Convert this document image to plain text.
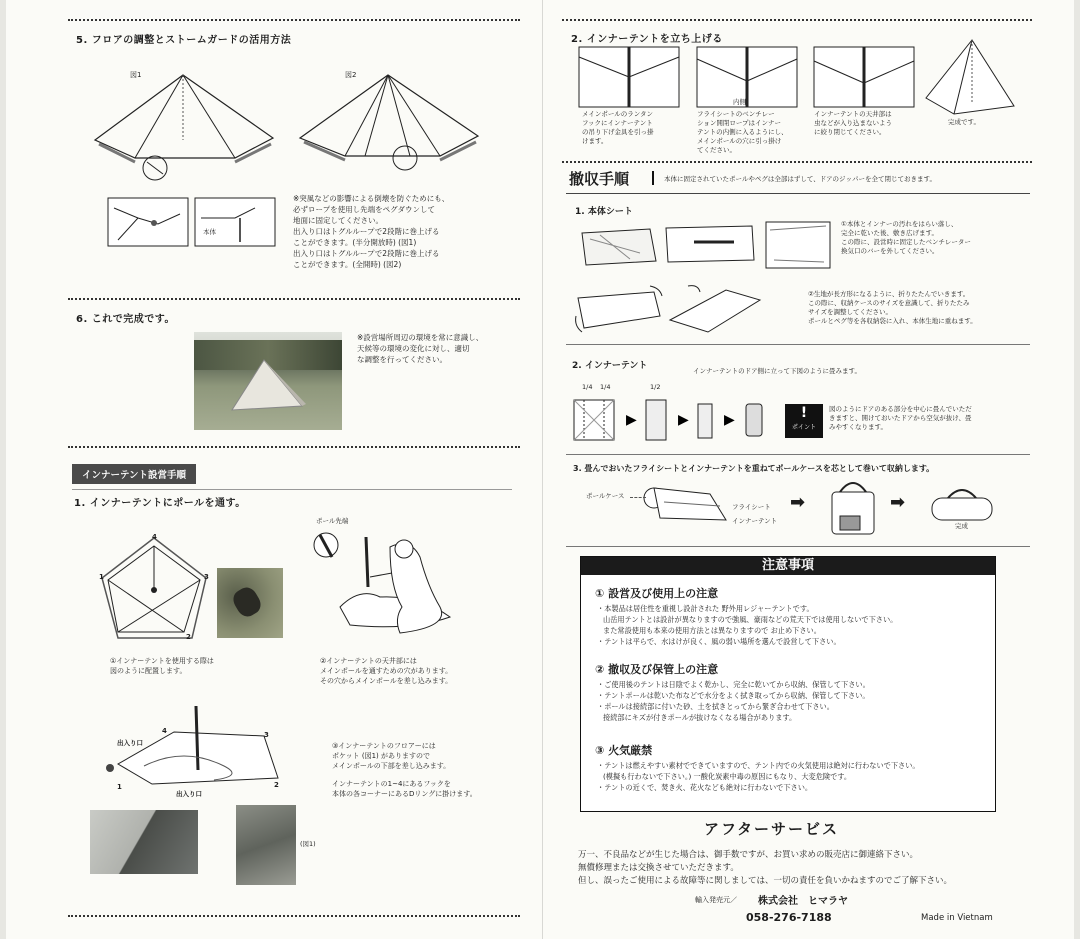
5. フロアの調整とストームガードの活用方法
図1	図2
本体
※突風などの影響による倒壊を防ぐためにも、
必ずロープを使用し先端をペグダウンして
地面に固定してください。
出入り口はトグルループで2段階に巻上げる
ことができます。(半分開放時) (図1)
出入り口はトグルループで2段階に巻上げる
ことができます。(全開時) (図2)
6. これで完成です。
※設営場所周辺の環境を常に意識し、
天候等の環境の変化に対し、適切
な調整を行ってください。
インナーテント設営手順
1. インナーテントにポールを通す。
4
1	3
2
①インナーテントを使用する際は
図のように配置します。
ポール先端
②インナーテントの天井部には
メインポールを通すための穴があります。
その穴からメインポールを差し込みます。
出入り口
出入り口
4	3
2
1
(図1)
③インナーテントのフロアーには
ポケット (図1) がありますので
メインポールの下部を差し込みます。
インナーテントの1~4にあるフックを
本体の各コーナーにあるDリングに掛けます。
2. インナーテントを立ち上げる
内側
メインポールのランタン
フックにインナーテント
の吊り下げ金具を引っ掛
けます。
フライシートのベンチレー
ション開閉ロープはインナー
テントの内側に入るようにし、
メインポールの穴に引っ掛け
てください。
インナーテントの天井部は
虫などが入り込まないよう
に絞り閉じてください。
完成です。
撤収手順	本体に固定されていたポールやペグは全部はずして、ドアのジッパーを全て閉じておきます。
1. 本体シート
①本体とインナーの汚れをはらい落し、
完全に乾いた後、敷き広げます。
この際に、設営時に固定したベンチレーター
換気口のバーを外してください。
②生地が長方形になるように、折りたたんでいきます。
この際に、収納ケースのサイズを意識して、折りたたみ
サイズを調整してください。
ポールとペグ等を各収納袋に入れ、本体生地に重ねます。
2. インナーテント	インナーテントのドア側に立って下図のように畳みます。
1/4 1/4	1/2
▶	▶	▶	!
ポイント
図のようにドアのある部分を中心に畳んでいただ
きますと、開けておいたドアから空気が抜け、畳
みやすくなります。
3. 畳んでおいたフライシートとインナーテントを重ねてポールケースを芯として巻いて収納します。
ポールケース
フライシート
インナーテント
➡	➡
完成
注意事項
① 設営及び使用上の注意
・本製品は居住性を重視し設計された 野外用レジャーテントです。
山岳用テントとは設計が異なりますので強風、豪雨などの荒天下では使用しないで下さい。
また常設使用も本来の使用方法とは異なりますので お止め下さい。
・テントは平らで、水はけが良く、風の弱い場所を選んで設営して下さい。
② 撤収及び保管上の注意
・ご使用後のテントは日陰でよく乾かし、完全に乾いてから収納、保管して下さい。
・テントポールは乾いた布などで水分をよく拭き取ってから収納、保管して下さい。
・ポールは接続部に付いた砂、土を拭きとってから緊ぎ合わせて下さい。
接続部にキズが付きポールが抜けなくなる場合があります。
③ 火気厳禁
・テントは燃えやすい素材でできていますので、テント内での火気使用は絶対に行わないで下さい。
(模擬も行わないで下さい。) 一酸化炭素中毒の原因にもなり、大変危険です。
・テントの近くで、焚き火、花火なども絶対に行わないで下さい。
アフターサービス
万一、不良品などが生じた場合は、御手数ですが、お買い求めの販売店に御連絡下さい。
無償修理または交換させていただきます。
但し、誤ったご使用による故障等に関しましては、一切の責任を負いかねますのでご了解下さい。
輸入発売元／ 株式会社　ヒマラヤ
058-276-7188	Made in Vietnam
